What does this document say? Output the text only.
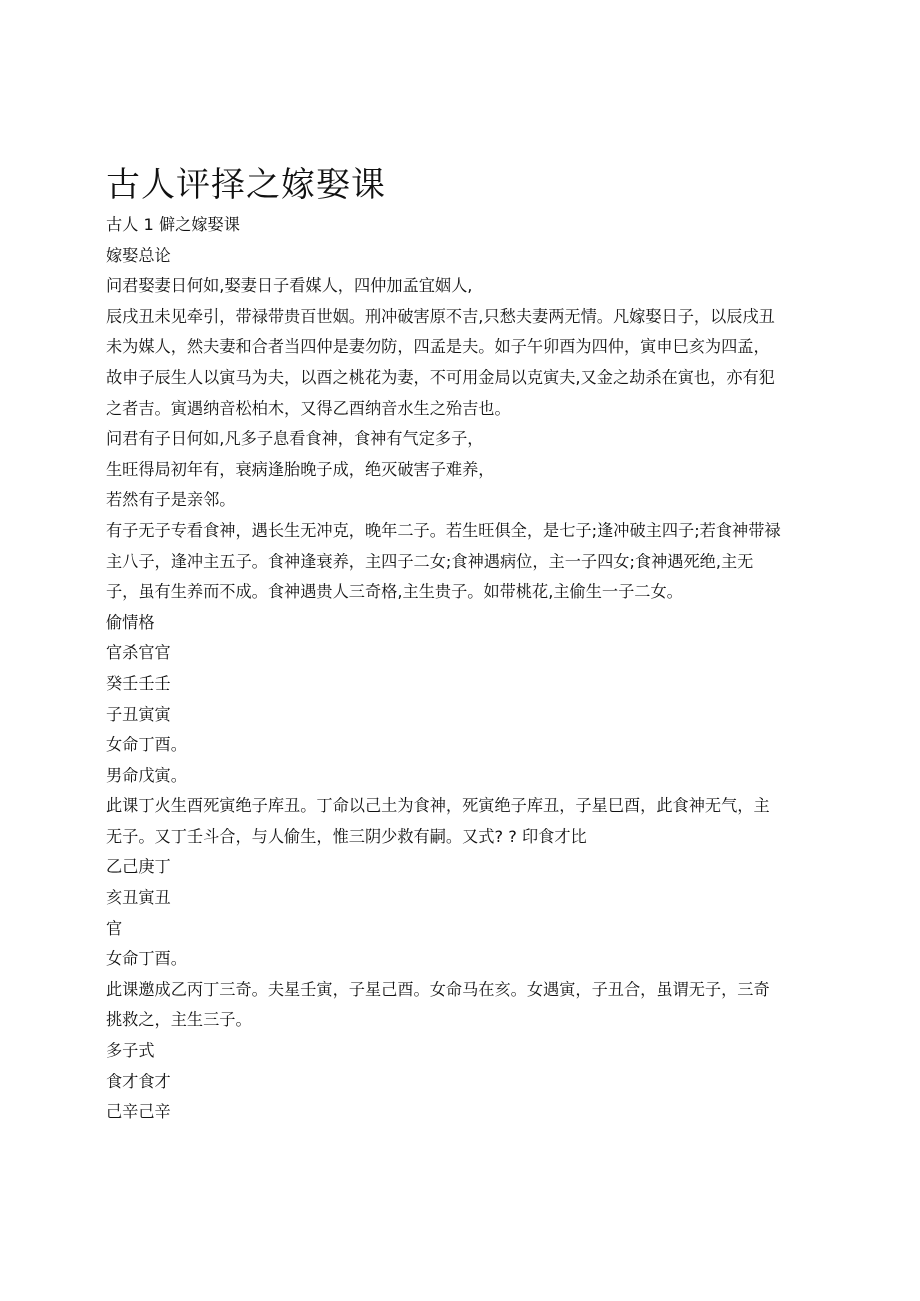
古人评择之嫁娶课
古人 1 僻之嫁娶课
嫁娶总论
问君娶妻日何如,娶妻日子看媒人，四仲加孟宜姻人,
辰戌丑未见牵引，带禄带贵百世姻。刑冲破害原不吉,只愁夫妻两无情。凡嫁娶日子，以辰戌丑
未为媒人，然夫妻和合者当四仲是妻勿防，四孟是夫。如子午卯酉为四仲，寅申巳亥为四孟，
故申子辰生人以寅马为夫，以酉之桃花为妻，不可用金局以克寅夫,又金之劫杀在寅也，亦有犯
之者吉。寅遇纳音松柏木，又得乙酉纳音水生之殆吉也。
问君有子日何如,凡多子息看食神，食神有气定多子，
生旺得局初年有，衰病逢胎晚子成，绝灭破害子难养，
若然有子是亲邻。
有子无子专看食神，遇长生无冲克，晚年二子。若生旺俱全，是七子;逢冲破主四子;若食神带禄
主八子，逢冲主五子。食神逢衰养，主四子二女;食神遇病位，主一子四女;食神遇死绝,主无
子，虽有生养而不成。食神遇贵人三奇格,主生贵子。如带桃花,主偷生一子二女。
偷情格
官杀官官
癸壬壬壬
子丑寅寅
女命丁酉。
男命戊寅。
此课丁火生酉死寅绝子库丑。丁命以己土为食神，死寅绝子库丑，子星巳酉，此食神无气，主
无子。又丁壬斗合，与人偷生，惟三阴少救有嗣。又式? ? 印食才比
乙己庚丁
亥丑寅丑
官
女命丁酉。
此课邀成乙丙丁三奇。夫星壬寅，子星己酉。女命马在亥。女遇寅，子丑合，虽谓无子，三奇
挑救之，主生三子。
多子式
食才食才
己辛己辛
